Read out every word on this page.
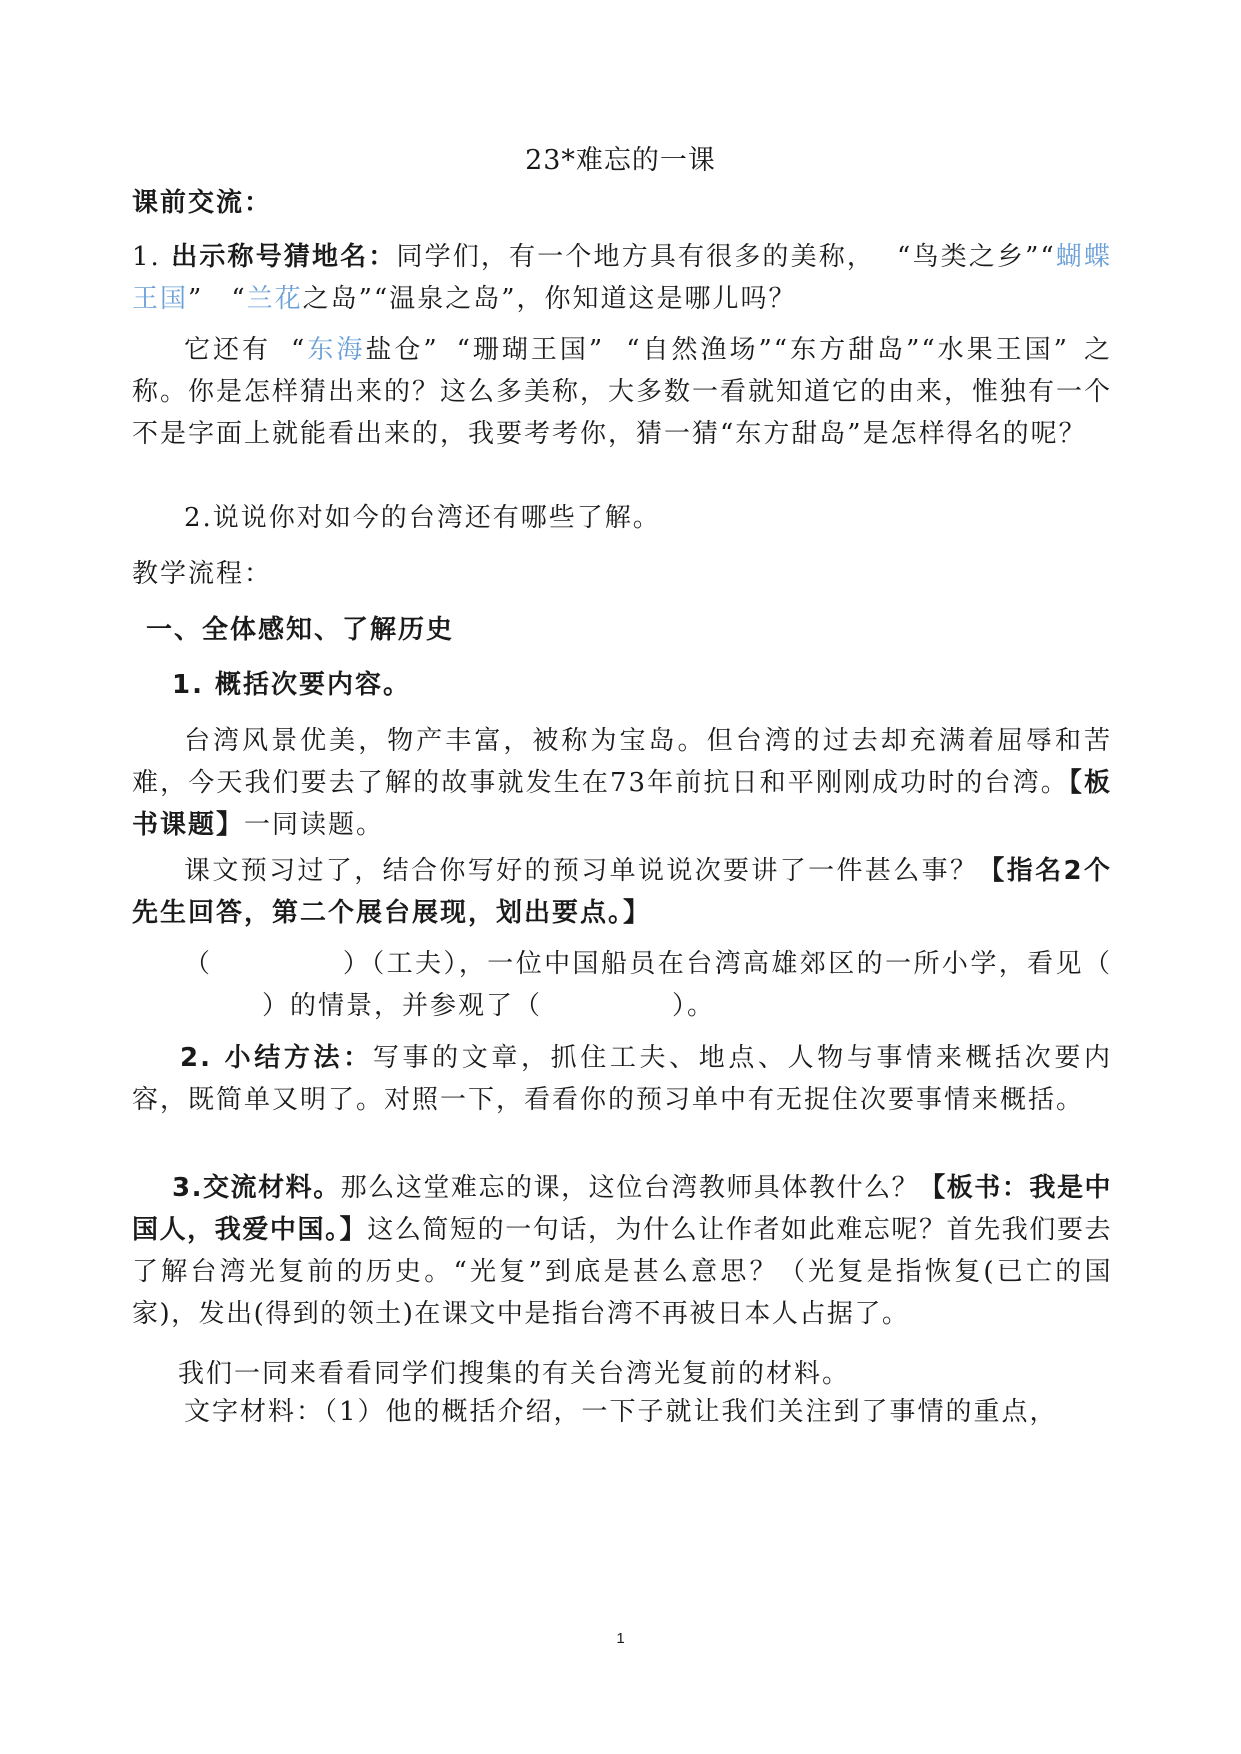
23*难忘的一课
课前交流：
1. 出示称号猜地名：同学们，有一个地方具有很多的美称， “鸟类之乡”“蝴蝶王国” “兰花之岛”“温泉之岛”，你知道这是哪儿吗？
它还有 “东海盐仓” “珊瑚王国” “自然渔场”“东方甜岛”“水果王国” 之称。你是怎样猜出来的？这么多美称，大多数一看就知道它的由来，惟独有一个不是字面上就能看出来的，我要考考你，猜一猜“东方甜岛”是怎样得名的呢？
2.说说你对如今的台湾还有哪些了解。
教学流程：
一、全体感知、了解历史
1. 概括次要内容。
台湾风景优美，物产丰富，被称为宝岛。但台湾的过去却充满着屈辱和苦难，今天我们要去了解的故事就发生在73年前抗日和平刚刚成功时的台湾。【板书课题】一同读题。
课文预习过了，结合你写好的预习单说说次要讲了一件甚么事？【指名2个先生回答，第二个展台展现，划出要点。】
（	）（工夫），一位中国船员在台湾高雄郊区的一所小学，看见（）的情景，并参观了（	）。
2. 小结方法：写事的文章，抓住工夫、地点、人物与事情来概括次要内容，既简单又明了。对照一下，看看你的预习单中有无捉住次要事情来概括。
3.交流材料。那么这堂难忘的课，这位台湾教师具体教什么？【板书：我是中国人，我爱中国。】这么简短的一句话，为什么让作者如此难忘呢？首先我们要去了解台湾光复前的历史。“光复”到底是甚么意思？（光复是指恢复(已亡的国家)，发出(得到的领土)在课文中是指台湾不再被日本人占据了。
我们一同来看看同学们搜集的有关台湾光复前的材料。
文字材料：（1）他的概括介绍，一下子就让我们关注到了事情的重点，
1
